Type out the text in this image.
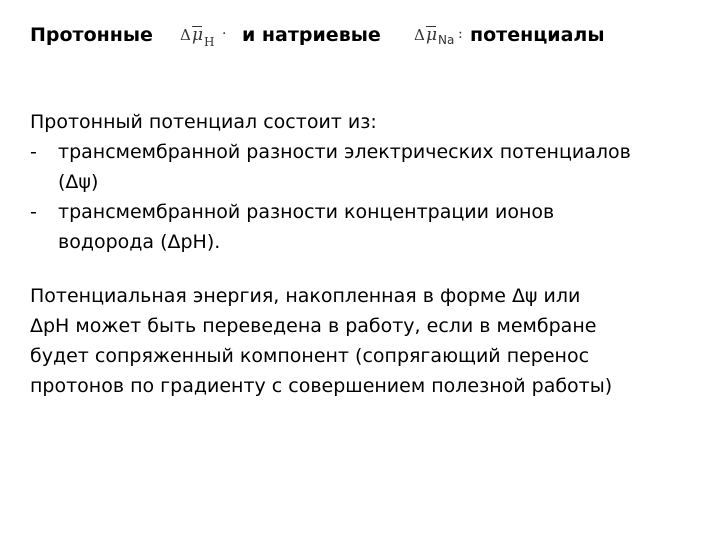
Протонные Δ μ H · и натриевые Δ μ Na : потенциалы
Протонный потенциал состоит из:
- трансмембранной разности электрических потенциалов
(Δψ)
- трансмембранной разности концентрации ионов
водорода (ΔpH).
Потенциальная энергия, накопленная в форме Δψ или
ΔpH может быть переведена в работу, если в мембране
будет сопряженный компонент (сопрягающий перенос
протонов по градиенту с совершением полезной работы)
